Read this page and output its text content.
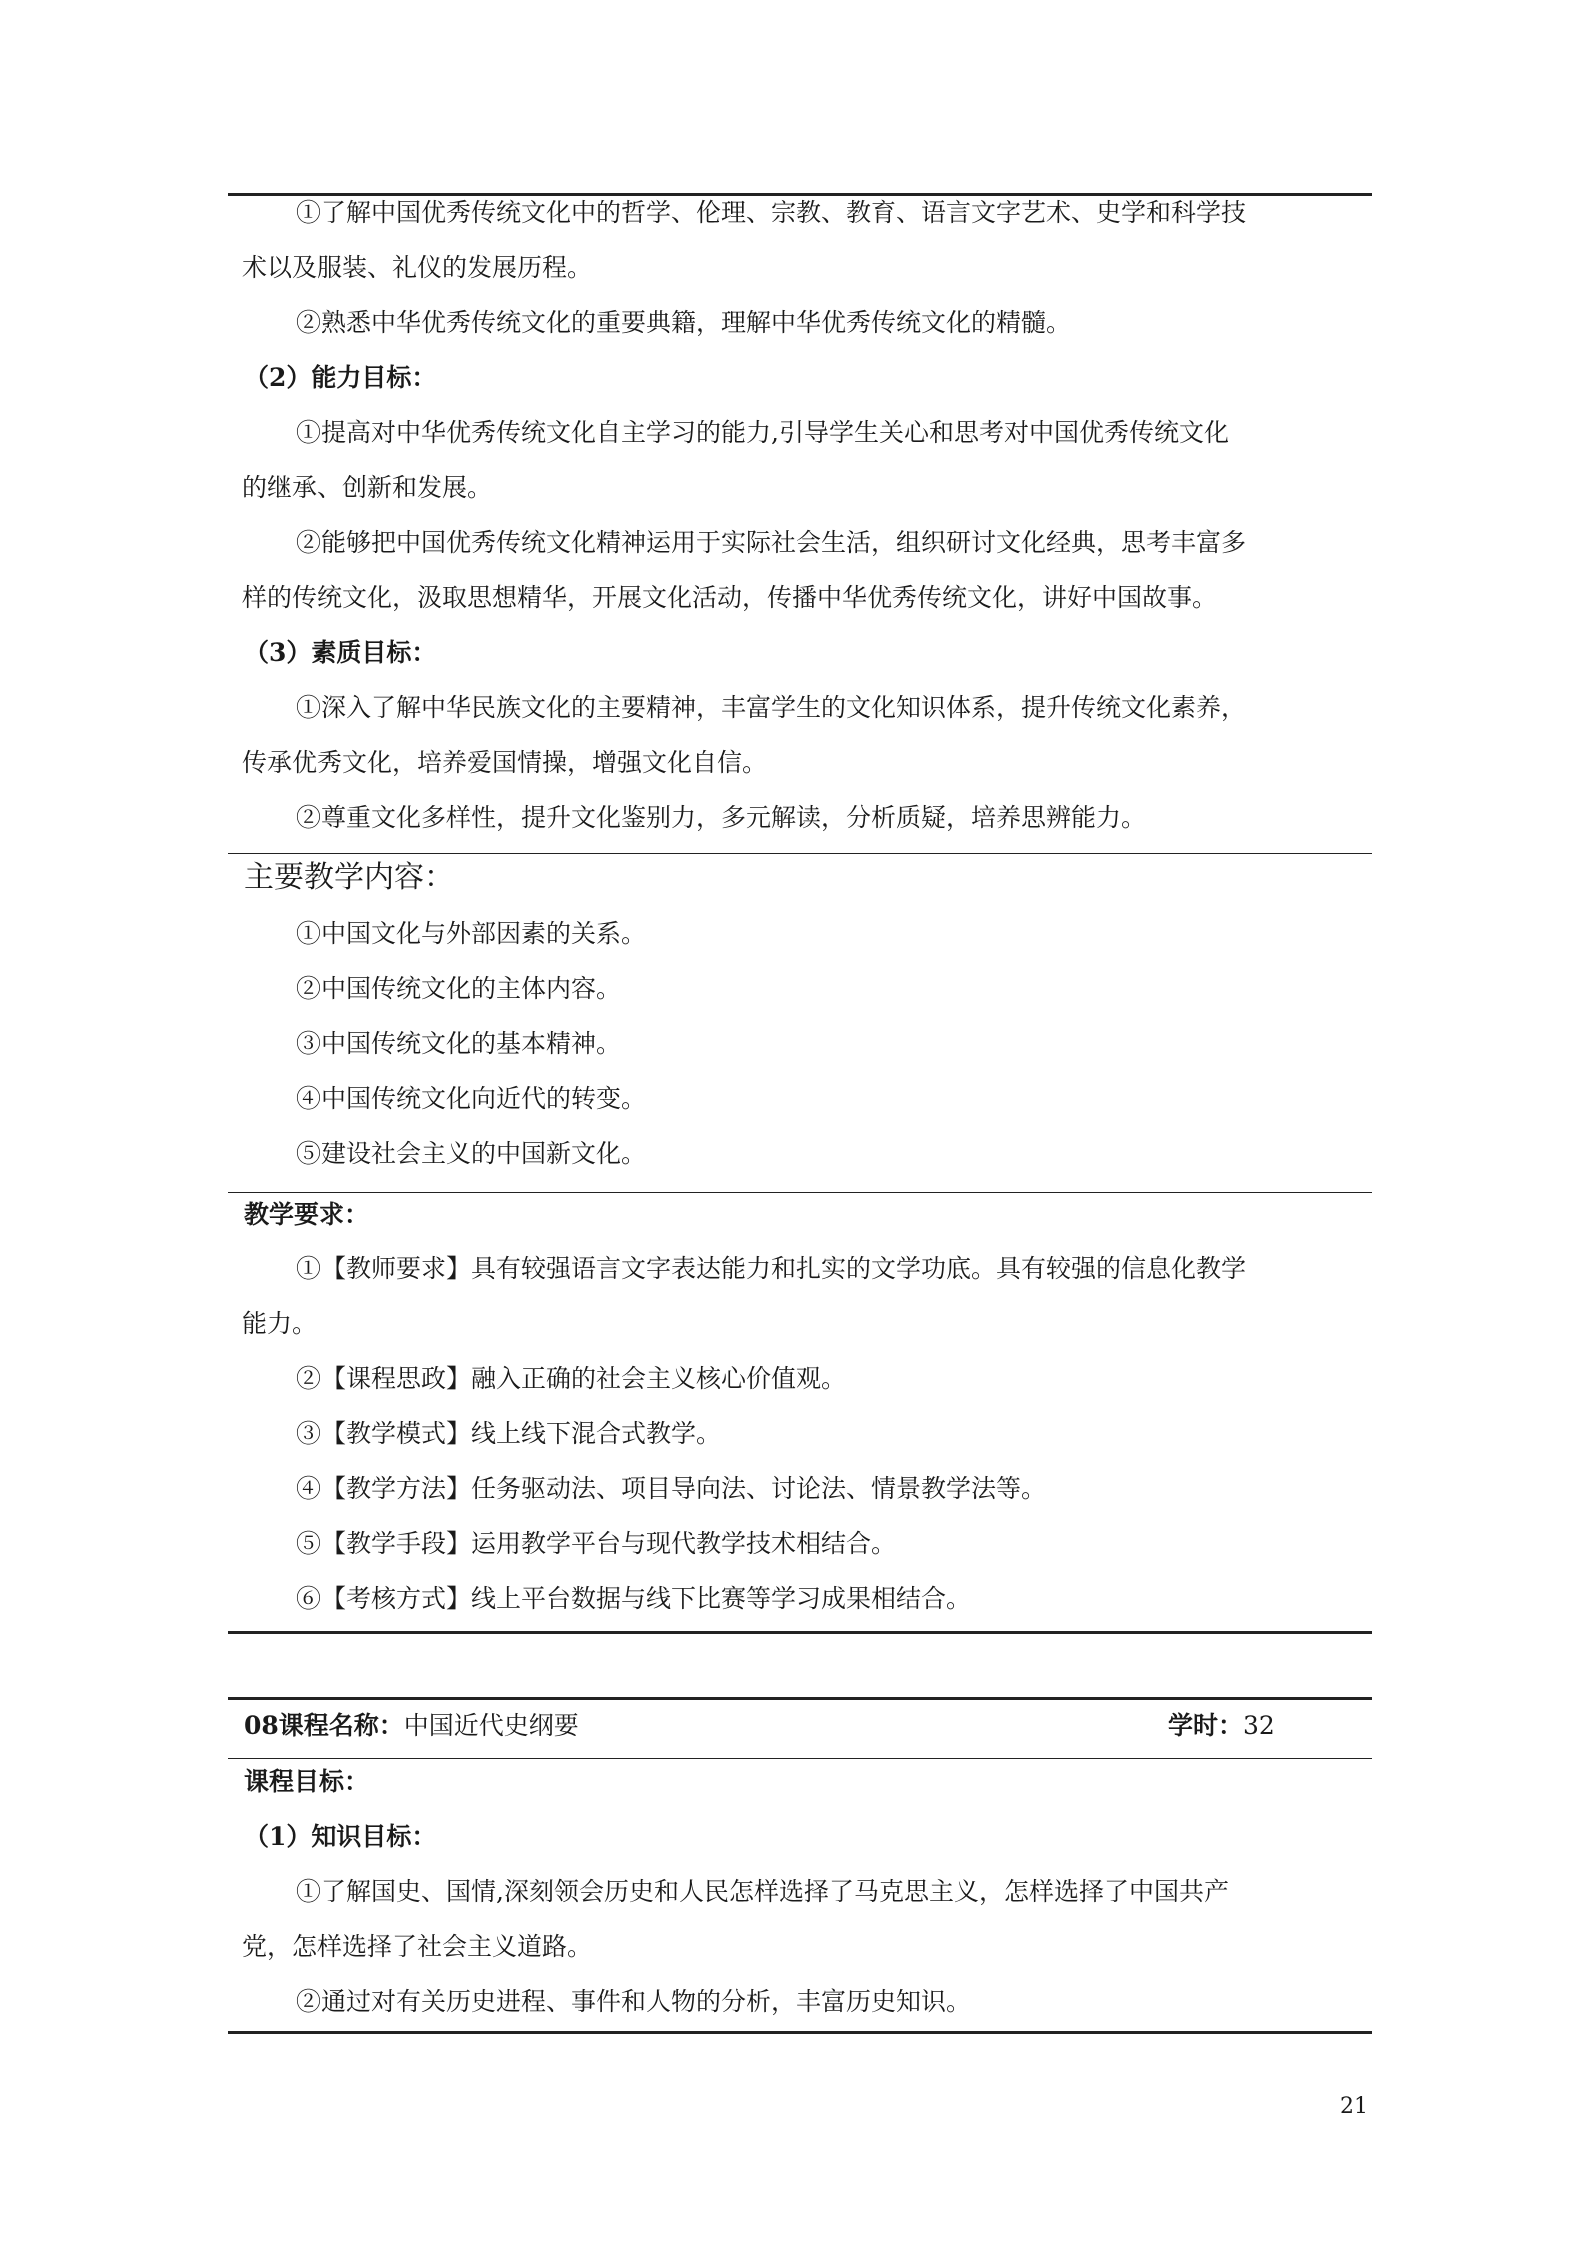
①了解中国优秀传统文化中的哲学、伦理、宗教、教育、语言文字艺术、史学和科学技
术以及服装、礼仪的发展历程。
②熟悉中华优秀传统文化的重要典籍，理解中华优秀传统文化的精髓。
（2）能力目标：
①提高对中华优秀传统文化自主学习的能力,引导学生关心和思考对中国优秀传统文化
的继承、创新和发展。
②能够把中国优秀传统文化精神运用于实际社会生活，组织研讨文化经典，思考丰富多
样的传统文化，汲取思想精华，开展文化活动，传播中华优秀传统文化，讲好中国故事。
（3）素质目标：
①深入了解中华民族文化的主要精神，丰富学生的文化知识体系，提升传统文化素养，
传承优秀文化，培养爱国情操，增强文化自信。
②尊重文化多样性，提升文化鉴别力，多元解读，分析质疑，培养思辨能力。
主要教学内容：
①中国文化与外部因素的关系。
②中国传统文化的主体内容。
③中国传统文化的基本精神。
④中国传统文化向近代的转变。
⑤建设社会主义的中国新文化。
教学要求：
①【教师要求】具有较强语言文字表达能力和扎实的文学功底。具有较强的信息化教学
能力。
②【课程思政】融入正确的社会主义核心价值观。
③【教学模式】线上线下混合式教学。
④【教学方法】任务驱动法、项目导向法、讨论法、情景教学法等。
⑤【教学手段】运用教学平台与现代教学技术相结合。
⑥【考核方式】线上平台数据与线下比赛等学习成果相结合。
08课程名称：中国近代史纲要	学时：32
课程目标：
（1）知识目标：
①了解国史、国情,深刻领会历史和人民怎样选择了马克思主义，怎样选择了中国共产
党，怎样选择了社会主义道路。
②通过对有关历史进程、事件和人物的分析，丰富历史知识。
21
